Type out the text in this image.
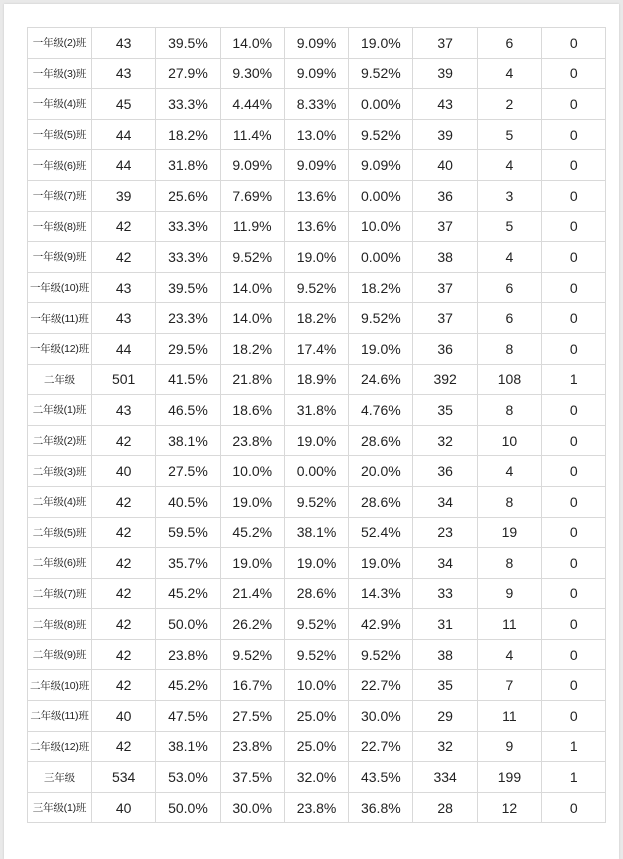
一年级(2)班	43	39.5%	14.0%	9.09%	19.0%	37	6	0
一年级(3)班	43	27.9%	9.30%	9.09%	9.52%	39	4	0
一年级(4)班	45	33.3%	4.44%	8.33%	0.00%	43	2	0
一年级(5)班	44	18.2%	11.4%	13.0%	9.52%	39	5	0
一年级(6)班	44	31.8%	9.09%	9.09%	9.09%	40	4	0
一年级(7)班	39	25.6%	7.69%	13.6%	0.00%	36	3	0
一年级(8)班	42	33.3%	11.9%	13.6%	10.0%	37	5	0
一年级(9)班	42	33.3%	9.52%	19.0%	0.00%	38	4	0
一年级(10)班	43	39.5%	14.0%	9.52%	18.2%	37	6	0
一年级(11)班	43	23.3%	14.0%	18.2%	9.52%	37	6	0
一年级(12)班	44	29.5%	18.2%	17.4%	19.0%	36	8	0
二年级	501	41.5%	21.8%	18.9%	24.6%	392	108	1
二年级(1)班	43	46.5%	18.6%	31.8%	4.76%	35	8	0
二年级(2)班	42	38.1%	23.8%	19.0%	28.6%	32	10	0
二年级(3)班	40	27.5%	10.0%	0.00%	20.0%	36	4	0
二年级(4)班	42	40.5%	19.0%	9.52%	28.6%	34	8	0
二年级(5)班	42	59.5%	45.2%	38.1%	52.4%	23	19	0
二年级(6)班	42	35.7%	19.0%	19.0%	19.0%	34	8	0
二年级(7)班	42	45.2%	21.4%	28.6%	14.3%	33	9	0
二年级(8)班	42	50.0%	26.2%	9.52%	42.9%	31	11	0
二年级(9)班	42	23.8%	9.52%	9.52%	9.52%	38	4	0
二年级(10)班	42	45.2%	16.7%	10.0%	22.7%	35	7	0
二年级(11)班	40	47.5%	27.5%	25.0%	30.0%	29	11	0
二年级(12)班	42	38.1%	23.8%	25.0%	22.7%	32	9	1
三年级	534	53.0%	37.5%	32.0%	43.5%	334	199	1
三年级(1)班	40	50.0%	30.0%	23.8%	36.8%	28	12	0
